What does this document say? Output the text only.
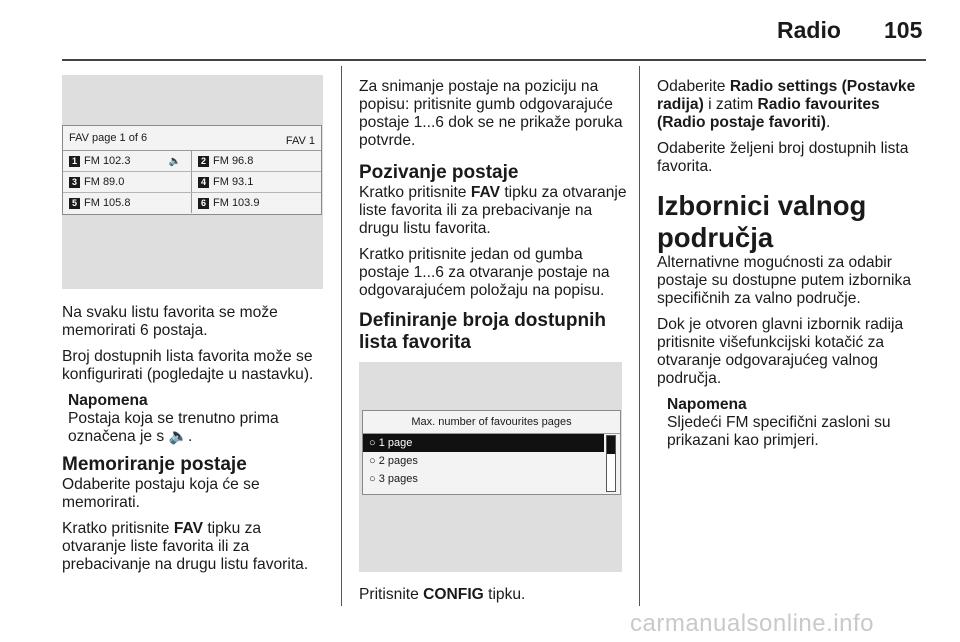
Radio 105
FAV page 1 of 6	FAV 1
1 FM 102.3	🔈	2 FM 96.8
3 FM 89.0	4 FM 93.1
5 FM 105.8	6 FM 103.9

Na svaku listu favorita se može memorirati 6 postaja.

Broj dostupnih lista favorita može se konfigurirati (pogledajte u nastavku).

Napomena
Postaja koja se trenutno prima označena je s 🔈.
Memoriranje postaje

Odaberite postaju koja će se memorirati.

Kratko pritisnite FAV tipku za otvaranje liste favorita ili za prebacivanje na drugu listu favorita.

Za snimanje postaje na poziciju na popisu: pritisnite gumb odgovarajuće postaje 1...6 dok se ne prikaže poruka potvrde.

Pozivanje postaje

Kratko pritisnite FAV tipku za otvaranje liste favorita ili za prebacivanje na drugu listu favorita.

Kratko pritisnite jedan od gumba postaje 1...6 za otvaranje postaje na odgovarajućem položaju na popisu.

Definiranje broja dostupnih lista favorita
Max. number of favourites pages
○ 1 page
○ 2 pages
○ 3 pages

Pritisnite CONFIG tipku.

Odaberite Radio settings (Postavke radija) i zatim Radio favourites (Radio postaje favoriti).

Odaberite željeni broj dostupnih lista favorita.

Izbornici valnog područja

Alternativne mogućnosti za odabir postaje su dostupne putem izbornika specifičnih za valno područje.

Dok je otvoren glavni izbornik radija pritisnite višefunkcijski kotačić za otvaranje odgovarajućeg valnog područja.

Napomena
Sljedeći FM specifični zasloni su prikazani kao primjeri.
carmanualsonline.info
